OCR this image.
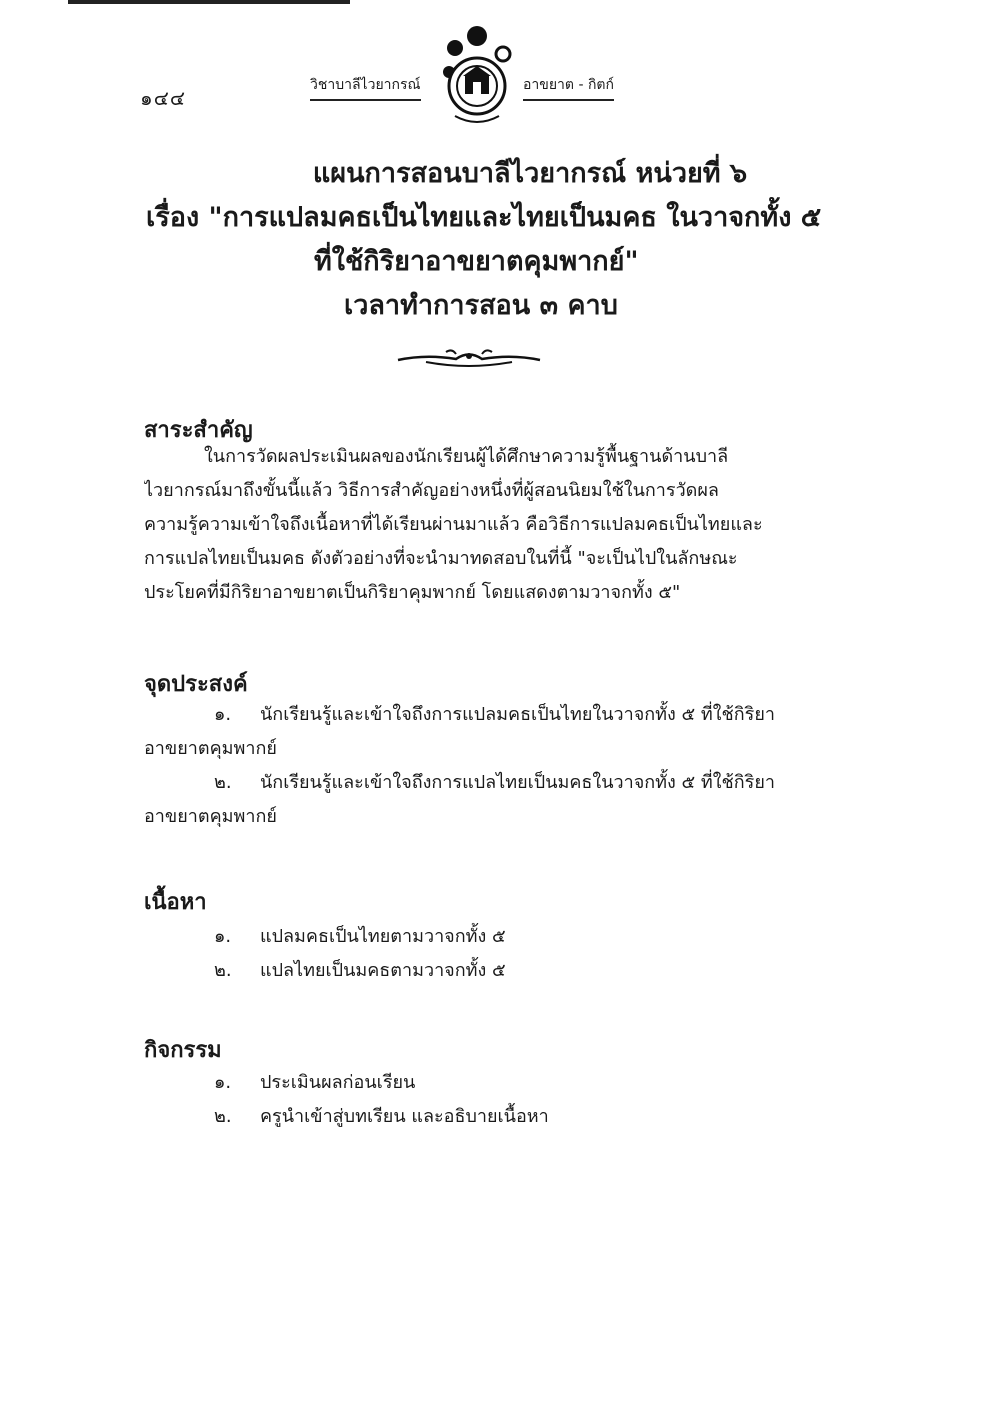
๑๔๔
วิชาบาลีไวยากรณ์	อาขยาต - กิตก์
แผนการสอนบาลีไวยากรณ์ หน่วยที่ ๖
เรื่อง "การแปลมคธเป็นไทยและไทยเป็นมคธ ในวาจกทั้ง ๕
ที่ใช้กิริยาอาขยาตคุมพากย์"
เวลาทำการสอน ๓ คาบ
สาระสำคัญ
ในการวัดผลประเมินผลของนักเรียนผู้ได้ศึกษาความรู้พื้นฐานด้านบาลี
ไวยากรณ์มาถึงขั้นนี้แล้ว วิธีการสำคัญอย่างหนึ่งที่ผู้สอนนิยมใช้ในการวัดผล
ความรู้ความเข้าใจถึงเนื้อหาที่ได้เรียนผ่านมาแล้ว คือวิธีการแปลมคธเป็นไทยและ
การแปลไทยเป็นมคธ ดังตัวอย่างที่จะนำมาทดสอบในที่นี้ "จะเป็นไปในลักษณะ
ประโยคที่มีกิริยาอาขยาตเป็นกิริยาคุมพากย์ โดยแสดงตามวาจกทั้ง ๕"
จุดประสงค์
๑. นักเรียนรู้และเข้าใจถึงการแปลมคธเป็นไทยในวาจกทั้ง ๕ ที่ใช้กิริยา
อาขยาตคุมพากย์
๒. นักเรียนรู้และเข้าใจถึงการแปลไทยเป็นมคธในวาจกทั้ง ๕ ที่ใช้กิริยา
อาขยาตคุมพากย์
เนื้อหา
๑. แปลมคธเป็นไทยตามวาจกทั้ง ๕
๒. แปลไทยเป็นมคธตามวาจกทั้ง ๕
กิจกรรม
๑. ประเมินผลก่อนเรียน
๒. ครูนำเข้าสู่บทเรียน และอธิบายเนื้อหา
